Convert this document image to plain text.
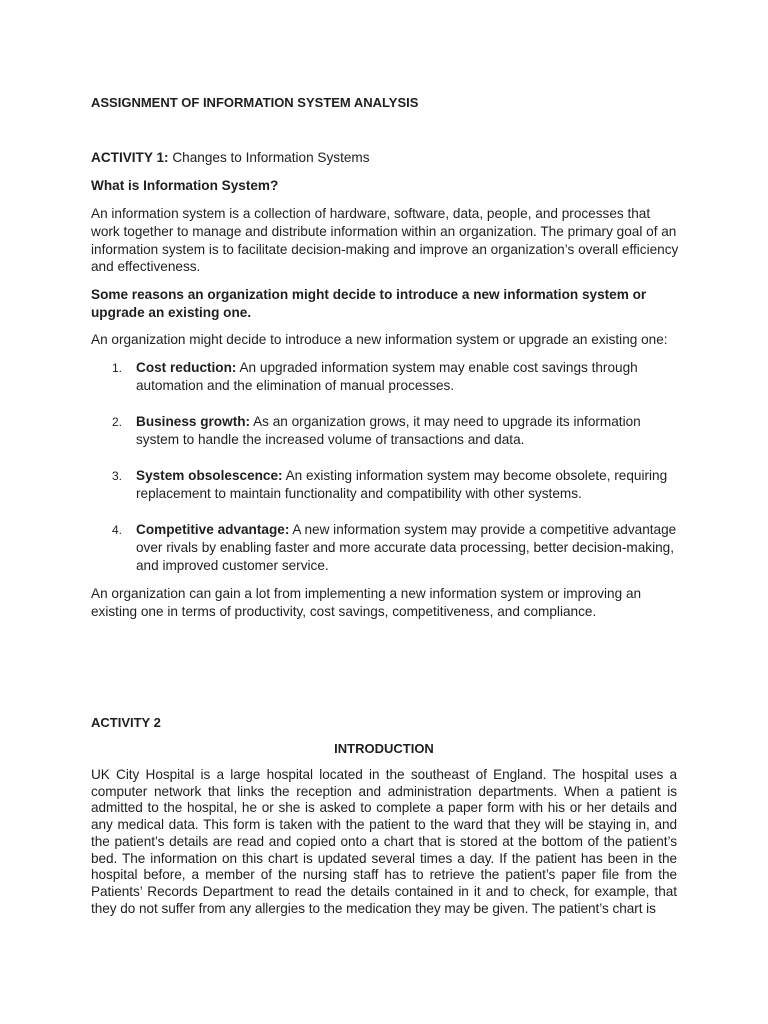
ASSIGNMENT OF INFORMATION SYSTEM ANALYSIS
ACTIVITY 1: Changes to Information Systems
What is Information System?
An information system is a collection of hardware, software, data, people, and processes that work together to manage and distribute information within an organization. The primary goal of an information system is to facilitate decision-making and improve an organization’s overall efficiency and effectiveness.
Some reasons an organization might decide to introduce a new information system or upgrade an existing one.
An organization might decide to introduce a new information system or upgrade an existing one:
1. Cost reduction: An upgraded information system may enable cost savings through automation and the elimination of manual processes.
2. Business growth: As an organization grows, it may need to upgrade its information system to handle the increased volume of transactions and data.
3. System obsolescence: An existing information system may become obsolete, requiring replacement to maintain functionality and compatibility with other systems.
4. Competitive advantage: A new information system may provide a competitive advantage over rivals by enabling faster and more accurate data processing, better decision-making, and improved customer service.
An organization can gain a lot from implementing a new information system or improving an existing one in terms of productivity, cost savings, competitiveness, and compliance.
ACTIVITY 2
INTRODUCTION
UK City Hospital is a large hospital located in the southeast of England. The hospital uses a computer network that links the reception and administration departments. When a patient is admitted to the hospital, he or she is asked to complete a paper form with his or her details and any medical data. This form is taken with the patient to the ward that they will be staying in, and the patient’s details are read and copied onto a chart that is stored at the bottom of the patient’s bed. The information on this chart is updated several times a day. If the patient has been in the hospital before, a member of the nursing staff has to retrieve the patient’s paper file from the Patients’ Records Department to read the details contained in it and to check, for example, that they do not suffer from any allergies to the medication they may be given. The patient’s chart is
